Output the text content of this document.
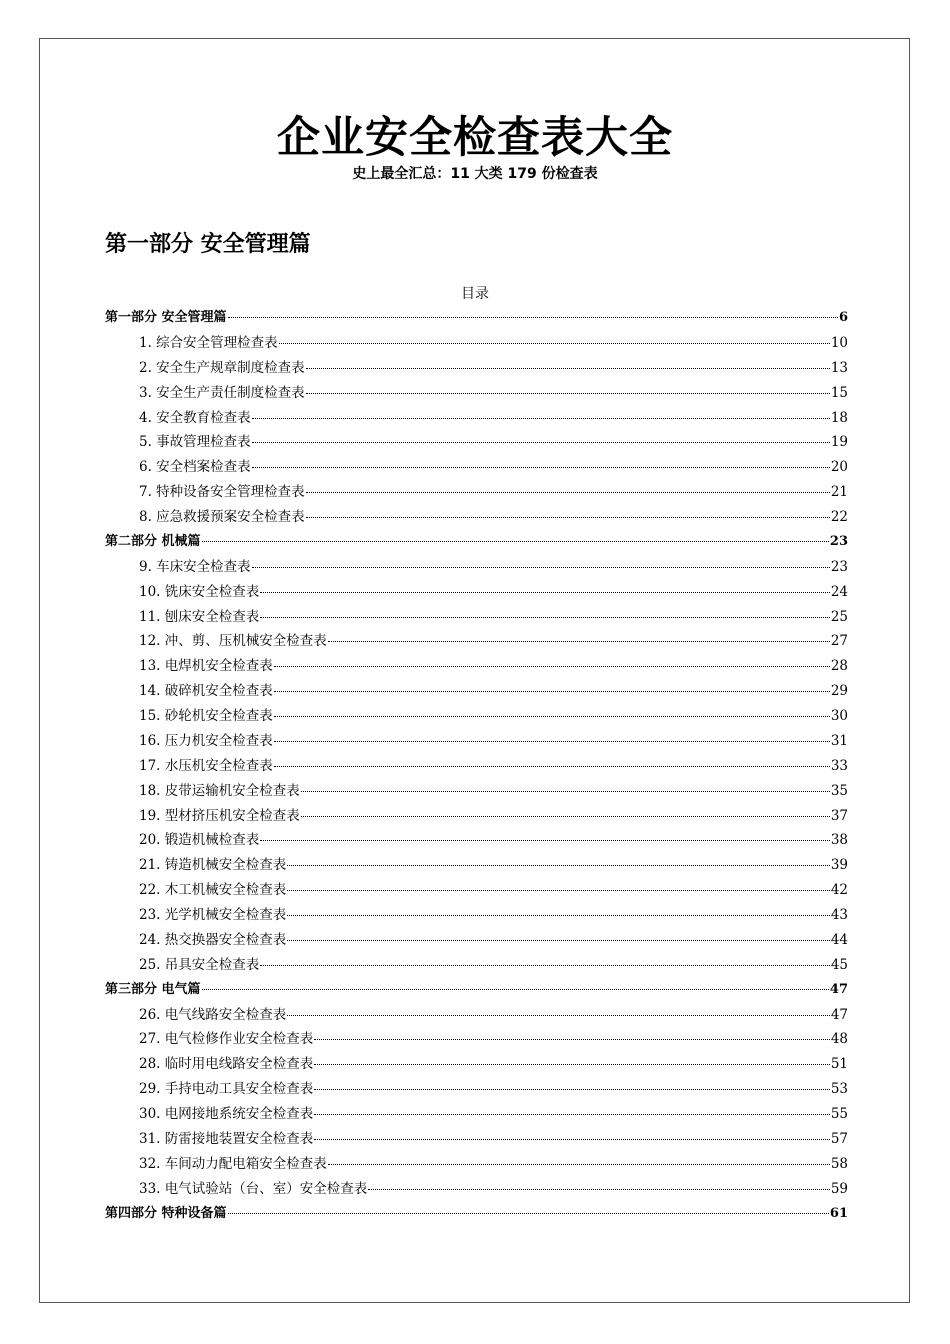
企业安全检查表大全
史上最全汇总：11 大类 179 份检查表
第一部分 安全管理篇
目录
第一部分 安全管理篇	6
1. 综合安全管理检查表	10
2. 安全生产规章制度检查表	13
3. 安全生产责任制度检查表	15
4. 安全教育检查表	18
5. 事故管理检查表	19
6. 安全档案检查表	20
7. 特种设备安全管理检查表	21
8. 应急救援预案安全检查表	22
第二部分 机械篇	23
9. 车床安全检查表	23
10. 铣床安全检查表	24
11. 刨床安全检查表	25
12. 冲、剪、压机械安全检查表	27
13. 电焊机安全检查表	28
14. 破碎机安全检查表	29
15. 砂轮机安全检查表	30
16. 压力机安全检查表	31
17. 水压机安全检查表	33
18. 皮带运输机安全检查表	35
19. 型材挤压机安全检查表	37
20. 锻造机械检查表	38
21. 铸造机械安全检查表	39
22. 木工机械安全检查表	42
23. 光学机械安全检查表	43
24. 热交换器安全检查表	44
25. 吊具安全检查表	45
第三部分 电气篇	47
26. 电气线路安全检查表	47
27. 电气检修作业安全检查表	48
28. 临时用电线路安全检查表	51
29. 手持电动工具安全检查表	53
30. 电网接地系统安全检查表	55
31. 防雷接地装置安全检查表	57
32. 车间动力配电箱安全检查表	58
33. 电气试验站（台、室）安全检查表	59
第四部分 特种设备篇	61
